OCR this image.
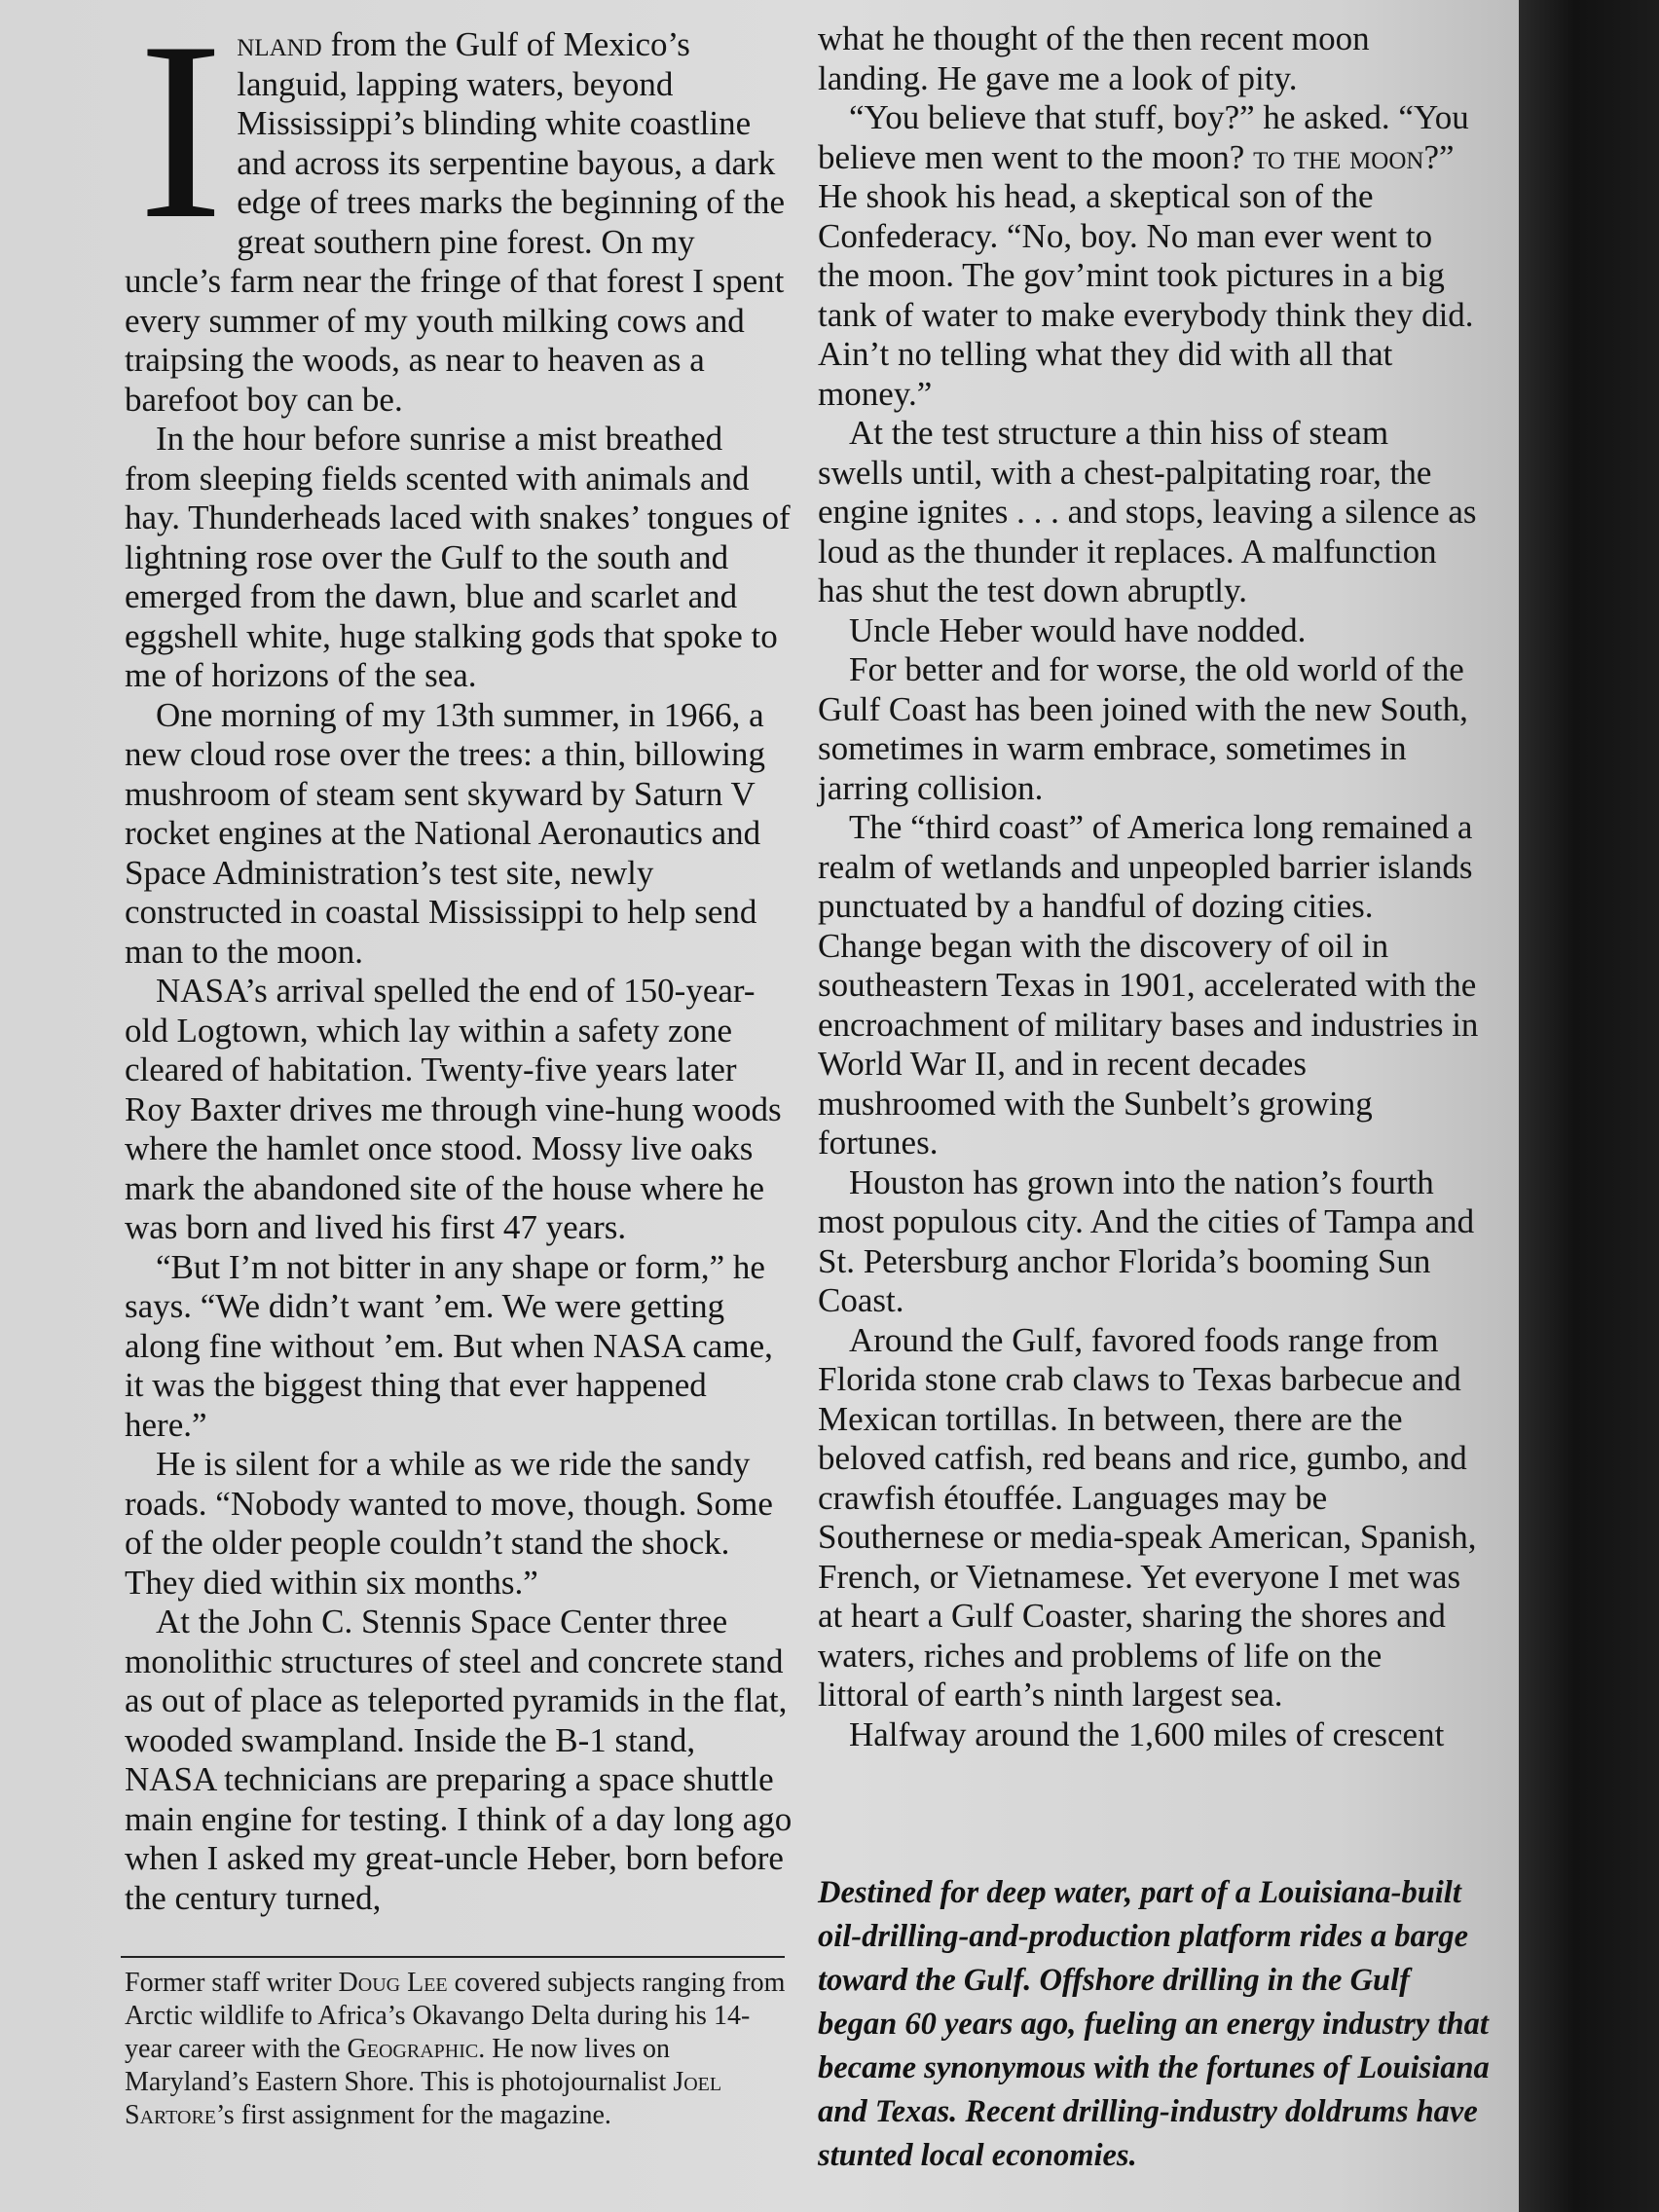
Inland from the Gulf of Mexico’s languid, lapping waters, beyond Mississippi’s blinding white coastline and across its serpentine bayous, a dark edge of trees marks the beginning of the great southern pine forest. On my uncle’s farm near the fringe of that forest I spent every summer of my youth milking cows and traipsing the woods, as near to heaven as a barefoot boy can be.

In the hour before sunrise a mist breathed from sleeping fields scented with animals and hay. Thunderheads laced with snakes’ tongues of lightning rose over the Gulf to the south and emerged from the dawn, blue and scarlet and eggshell white, huge stalking gods that spoke to me of horizons of the sea.

One morning of my 13th summer, in 1966, a new cloud rose over the trees: a thin, billowing mushroom of steam sent skyward by Saturn V rocket engines at the National Aeronautics and Space Administration’s test site, newly constructed in coastal Mississippi to help send man to the moon.

NASA’s arrival spelled the end of 150-year-old Logtown, which lay within a safety zone cleared of habitation. Twenty-five years later Roy Baxter drives me through vine-hung woods where the hamlet once stood. Mossy live oaks mark the abandoned site of the house where he was born and lived his first 47 years.

“But I’m not bitter in any shape or form,” he says. “We didn’t want ’em. We were getting along fine without ’em. But when NASA came, it was the biggest thing that ever happened here.”

He is silent for a while as we ride the sandy roads. “Nobody wanted to move, though. Some of the older people couldn’t stand the shock. They died within six months.”

At the John C. Stennis Space Center three monolithic structures of steel and concrete stand as out of place as teleported pyramids in the flat, wooded swampland. Inside the B-1 stand, NASA technicians are preparing a space shuttle main engine for testing. I think of a day long ago when I asked my great-uncle Heber, born before the century turned,

Former staff writer Doug Lee covered subjects ranging from Arctic wildlife to Africa’s Okavango Delta during his 14-year career with the Geographic. He now lives on Maryland’s Eastern Shore. This is photojournalist Joel Sartore’s first assignment for the magazine.

what he thought of the then recent moon landing. He gave me a look of pity.

“You believe that stuff, boy?” he asked. “You believe men went to the moon? to the moon?” He shook his head, a skeptical son of the Confederacy. “No, boy. No man ever went to the moon. The gov’mint took pictures in a big tank of water to make everybody think they did. Ain’t no telling what they did with all that money.”

At the test structure a thin hiss of steam swells until, with a chest-palpitating roar, the engine ignites . . . and stops, leaving a silence as loud as the thunder it replaces. A malfunction has shut the test down abruptly.

Uncle Heber would have nodded.

For better and for worse, the old world of the Gulf Coast has been joined with the new South, sometimes in warm embrace, sometimes in jarring collision.

The “third coast” of America long remained a realm of wetlands and unpeopled barrier islands punctuated by a handful of dozing cities. Change began with the discovery of oil in southeastern Texas in 1901, accelerated with the encroachment of military bases and industries in World War II, and in recent decades mushroomed with the Sunbelt’s growing fortunes.

Houston has grown into the nation’s fourth most populous city. And the cities of Tampa and St. Petersburg anchor Florida’s booming Sun Coast.

Around the Gulf, favored foods range from Florida stone crab claws to Texas barbecue and Mexican tortillas. In between, there are the beloved catfish, red beans and rice, gumbo, and crawfish étouffée. Languages may be Southernese or media-speak American, Spanish, French, or Vietnamese. Yet everyone I met was at heart a Gulf Coaster, sharing the shores and waters, riches and problems of life on the littoral of earth’s ninth largest sea.

Halfway around the 1,600 miles of crescent

Destined for deep water, part of a Louisiana-built oil-drilling-and-production platform rides a barge toward the Gulf. Offshore drilling in the Gulf began 60 years ago, fueling an energy industry that became synonymous with the fortunes of Louisiana and Texas. Recent drilling-industry doldrums have stunted local economies.
